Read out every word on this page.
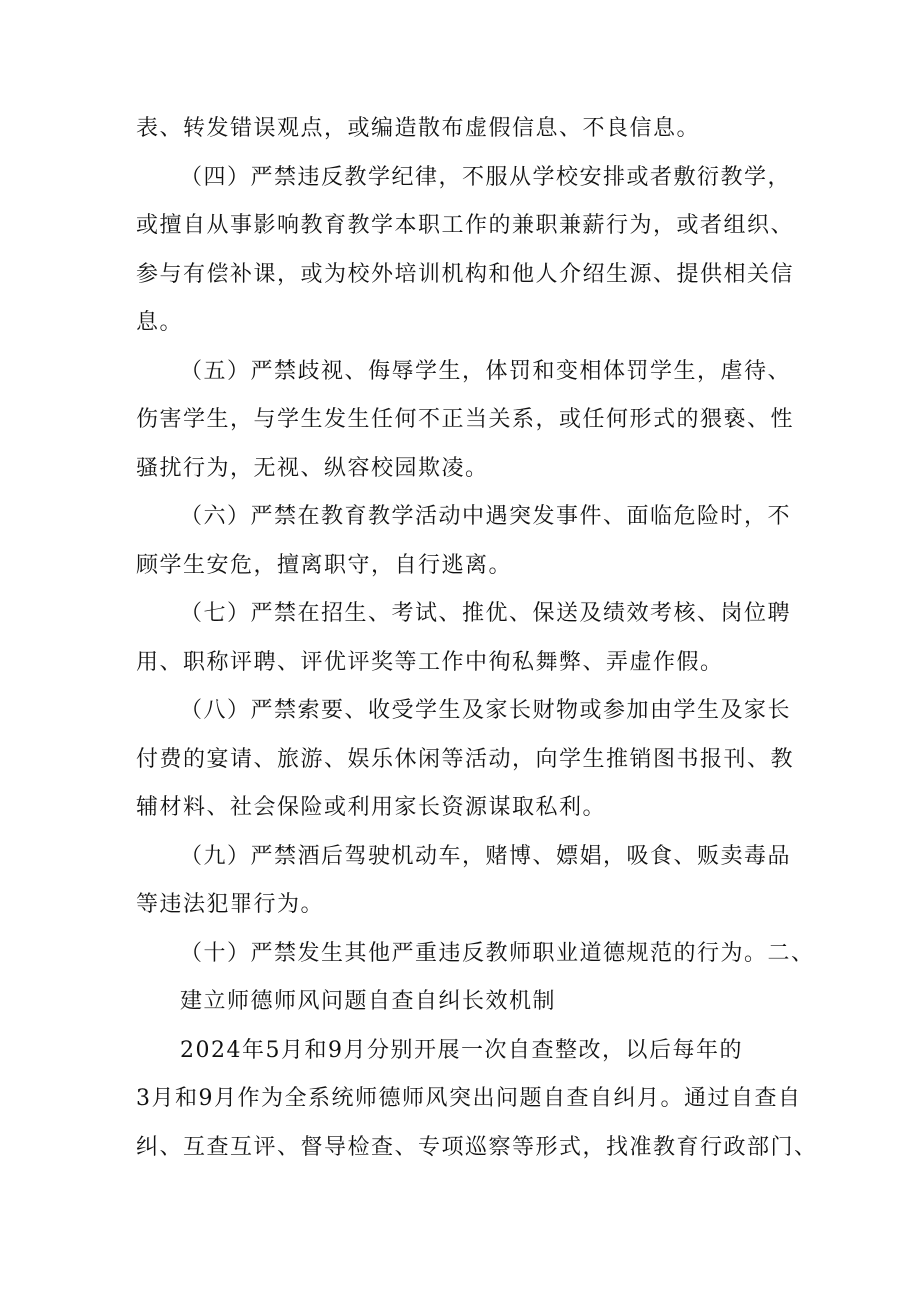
表、转发错误观点，或编造散布虚假信息、不良信息。
（四）严禁违反教学纪律，不服从学校安排或者敷衍教学，
或擅自从事影响教育教学本职工作的兼职兼薪行为，或者组织、
参与有偿补课，或为校外培训机构和他人介绍生源、提供相关信
息。
（五）严禁歧视、侮辱学生，体罚和变相体罚学生，虐待、
伤害学生，与学生发生任何不正当关系，或任何形式的猥亵、性
骚扰行为，无视、纵容校园欺凌。
（六）严禁在教育教学活动中遇突发事件、面临危险时，不
顾学生安危，擅离职守，自行逃离。
（七）严禁在招生、考试、推优、保送及绩效考核、岗位聘
用、职称评聘、评优评奖等工作中徇私舞弊、弄虚作假。
（八）严禁索要、收受学生及家长财物或参加由学生及家长
付费的宴请、旅游、娱乐休闲等活动，向学生推销图书报刊、教
辅材料、社会保险或利用家长资源谋取私利。
（九）严禁酒后驾驶机动车，赌博、嫖娼，吸食、贩卖毒品
等违法犯罪行为。
（十）严禁发生其他严重违反教师职业道德规范的行为。二、
建立师德师风问题自查自纠长效机制
2024年5月和9月分别开展一次自查整改，以后每年的
3月和9月作为全系统师德师风突出问题自查自纠月。通过自查自
纠、互查互评、督导检查、专项巡察等形式，找准教育行政部门、
